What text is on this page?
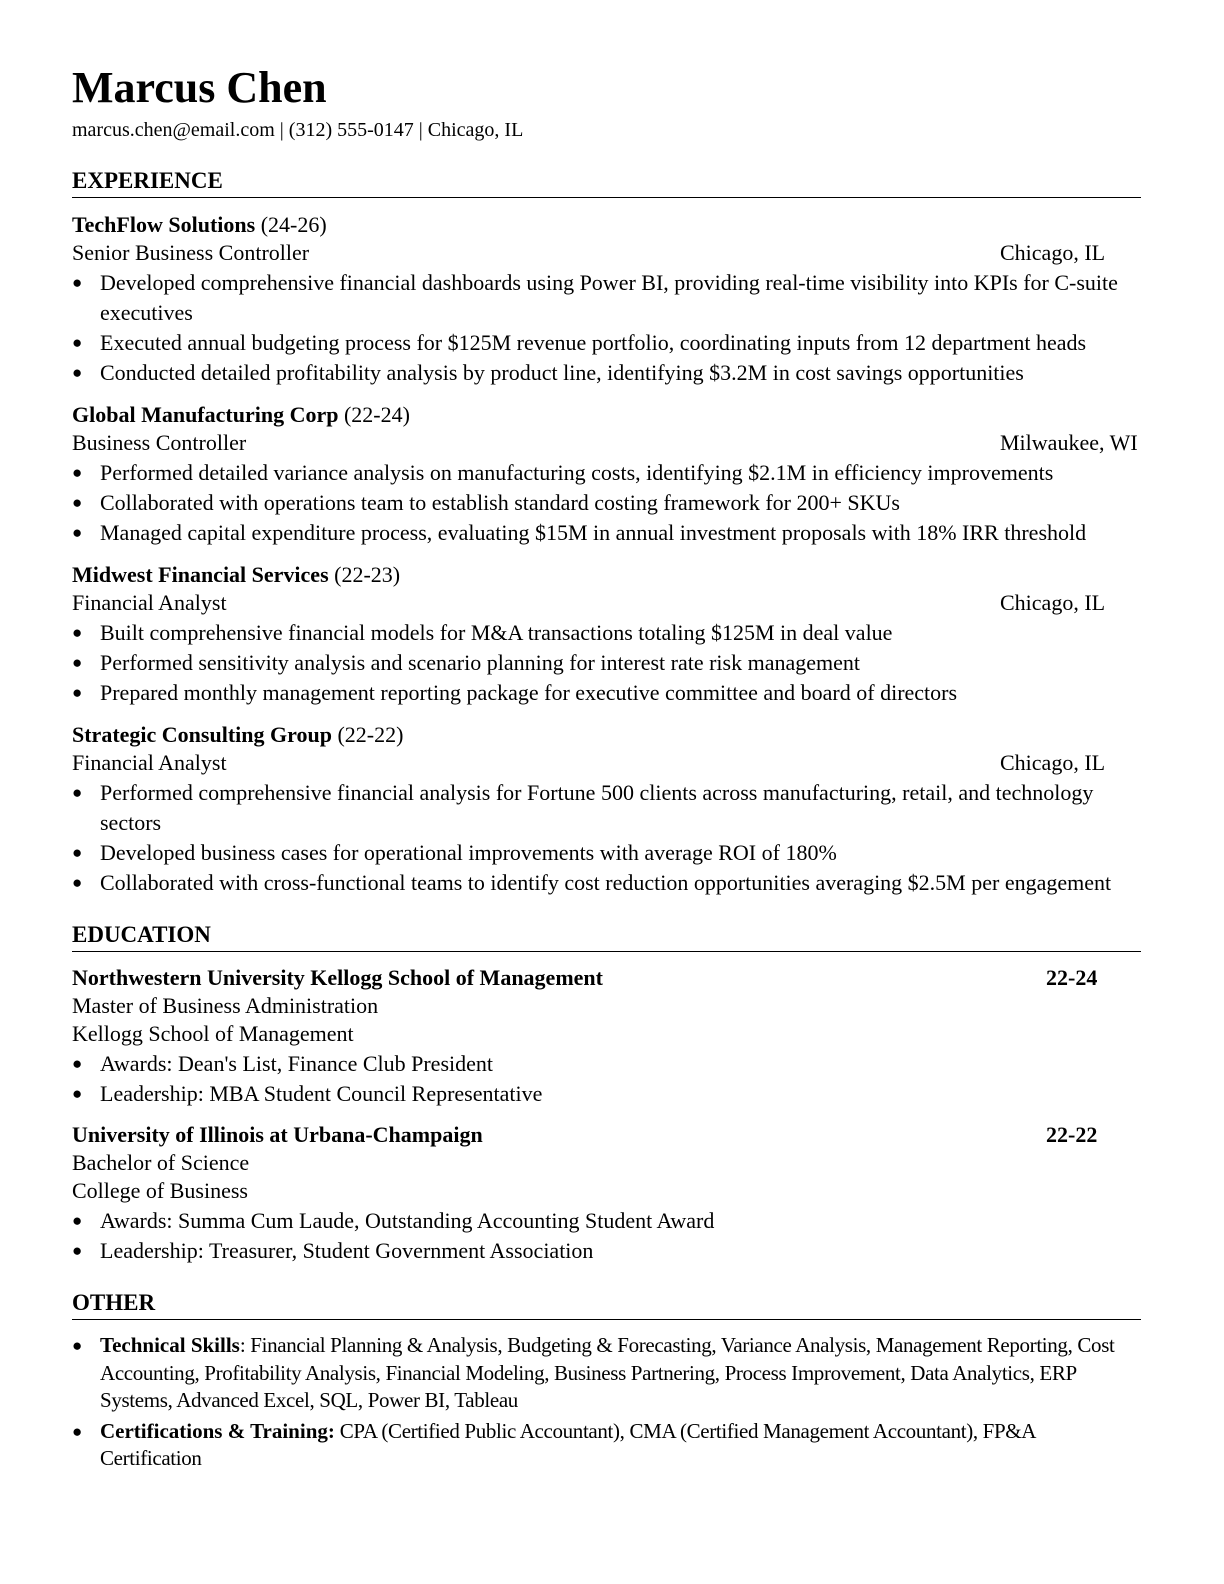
Marcus Chen
marcus.chen@email.com | (312) 555-0147 | Chicago, IL
EXPERIENCE
TechFlow Solutions (24-26)
Senior Business Controller	Chicago, IL
● Developed comprehensive financial dashboards using Power BI, providing real-time visibility into KPIs for C-suite executives
● Executed annual budgeting process for $125M revenue portfolio, coordinating inputs from 12 department heads
● Conducted detailed profitability analysis by product line, identifying $3.2M in cost savings opportunities
Global Manufacturing Corp (22-24)
Business Controller	Milwaukee, WI
● Performed detailed variance analysis on manufacturing costs, identifying $2.1M in efficiency improvements
● Collaborated with operations team to establish standard costing framework for 200+ SKUs
● Managed capital expenditure process, evaluating $15M in annual investment proposals with 18% IRR threshold
Midwest Financial Services (22-23)
Financial Analyst	Chicago, IL
● Built comprehensive financial models for M&A transactions totaling $125M in deal value
● Performed sensitivity analysis and scenario planning for interest rate risk management
● Prepared monthly management reporting package for executive committee and board of directors
Strategic Consulting Group (22-22)
Financial Analyst	Chicago, IL
● Performed comprehensive financial analysis for Fortune 500 clients across manufacturing, retail, and technology sectors
● Developed business cases for operational improvements with average ROI of 180%
● Collaborated with cross-functional teams to identify cost reduction opportunities averaging $2.5M per engagement
EDUCATION
Northwestern University Kellogg School of Management	22-24
Master of Business Administration
Kellogg School of Management
● Awards: Dean's List, Finance Club President
● Leadership: MBA Student Council Representative
University of Illinois at Urbana-Champaign	22-22
Bachelor of Science
College of Business
● Awards: Summa Cum Laude, Outstanding Accounting Student Award
● Leadership: Treasurer, Student Government Association
OTHER
● Technical Skills: Financial Planning & Analysis, Budgeting & Forecasting, Variance Analysis, Management Reporting, Cost Accounting, Profitability Analysis, Financial Modeling, Business Partnering, Process Improvement, Data Analytics, ERP Systems, Advanced Excel, SQL, Power BI, Tableau
● Certifications & Training: CPA (Certified Public Accountant), CMA (Certified Management Accountant), FP&A Certification
